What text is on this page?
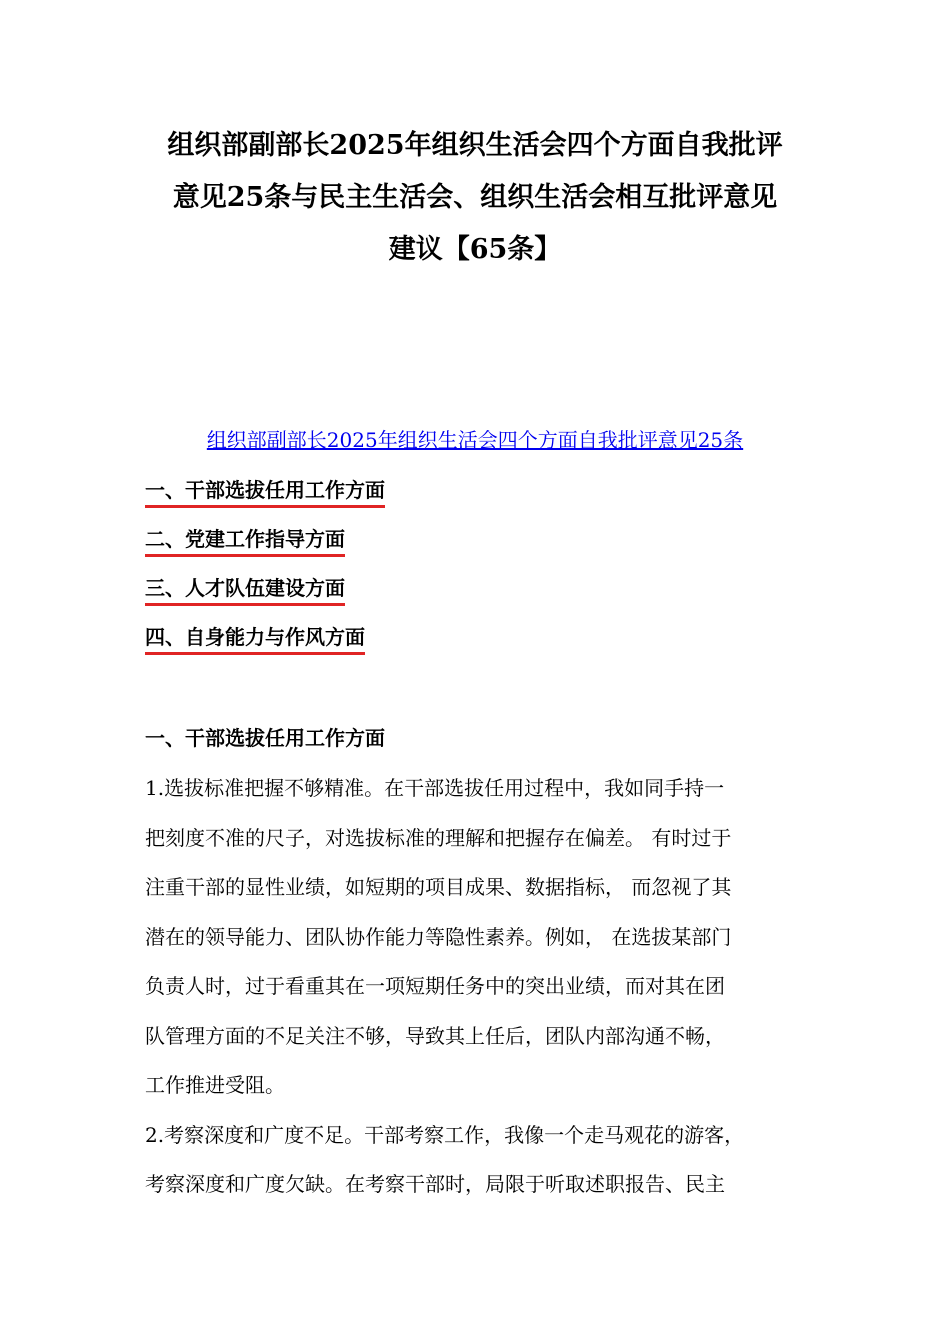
组织部副部长2025年组织生活会四个方面自我批评
意见25条与民主生活会、组织生活会相互批评意见
建议【65条】

组织部副部长2025年组织生活会四个方面自我批评意见25条

一、干部选拔任用工作方面
二、党建工作指导方面
三、人才队伍建设方面
四、自身能力与作风方面

一、干部选拔任用工作方面

1.选拔标准把握不够精准。在干部选拔任用过程中，我如同手持一
把刻度不准的尺子，对选拔标准的理解和把握存在偏差。 有时过于
注重干部的显性业绩，如短期的项目成果、数据指标， 而忽视了其
潜在的领导能力、团队协作能力等隐性素养。例如， 在选拔某部门
负责人时，过于看重其在一项短期任务中的突出业绩，而对其在团
队管理方面的不足关注不够，导致其上任后，团队内部沟通不畅，
工作推进受阻。

2.考察深度和广度不足。干部考察工作，我像一个走马观花的游客，
考察深度和广度欠缺。在考察干部时，局限于听取述职报告、民主
